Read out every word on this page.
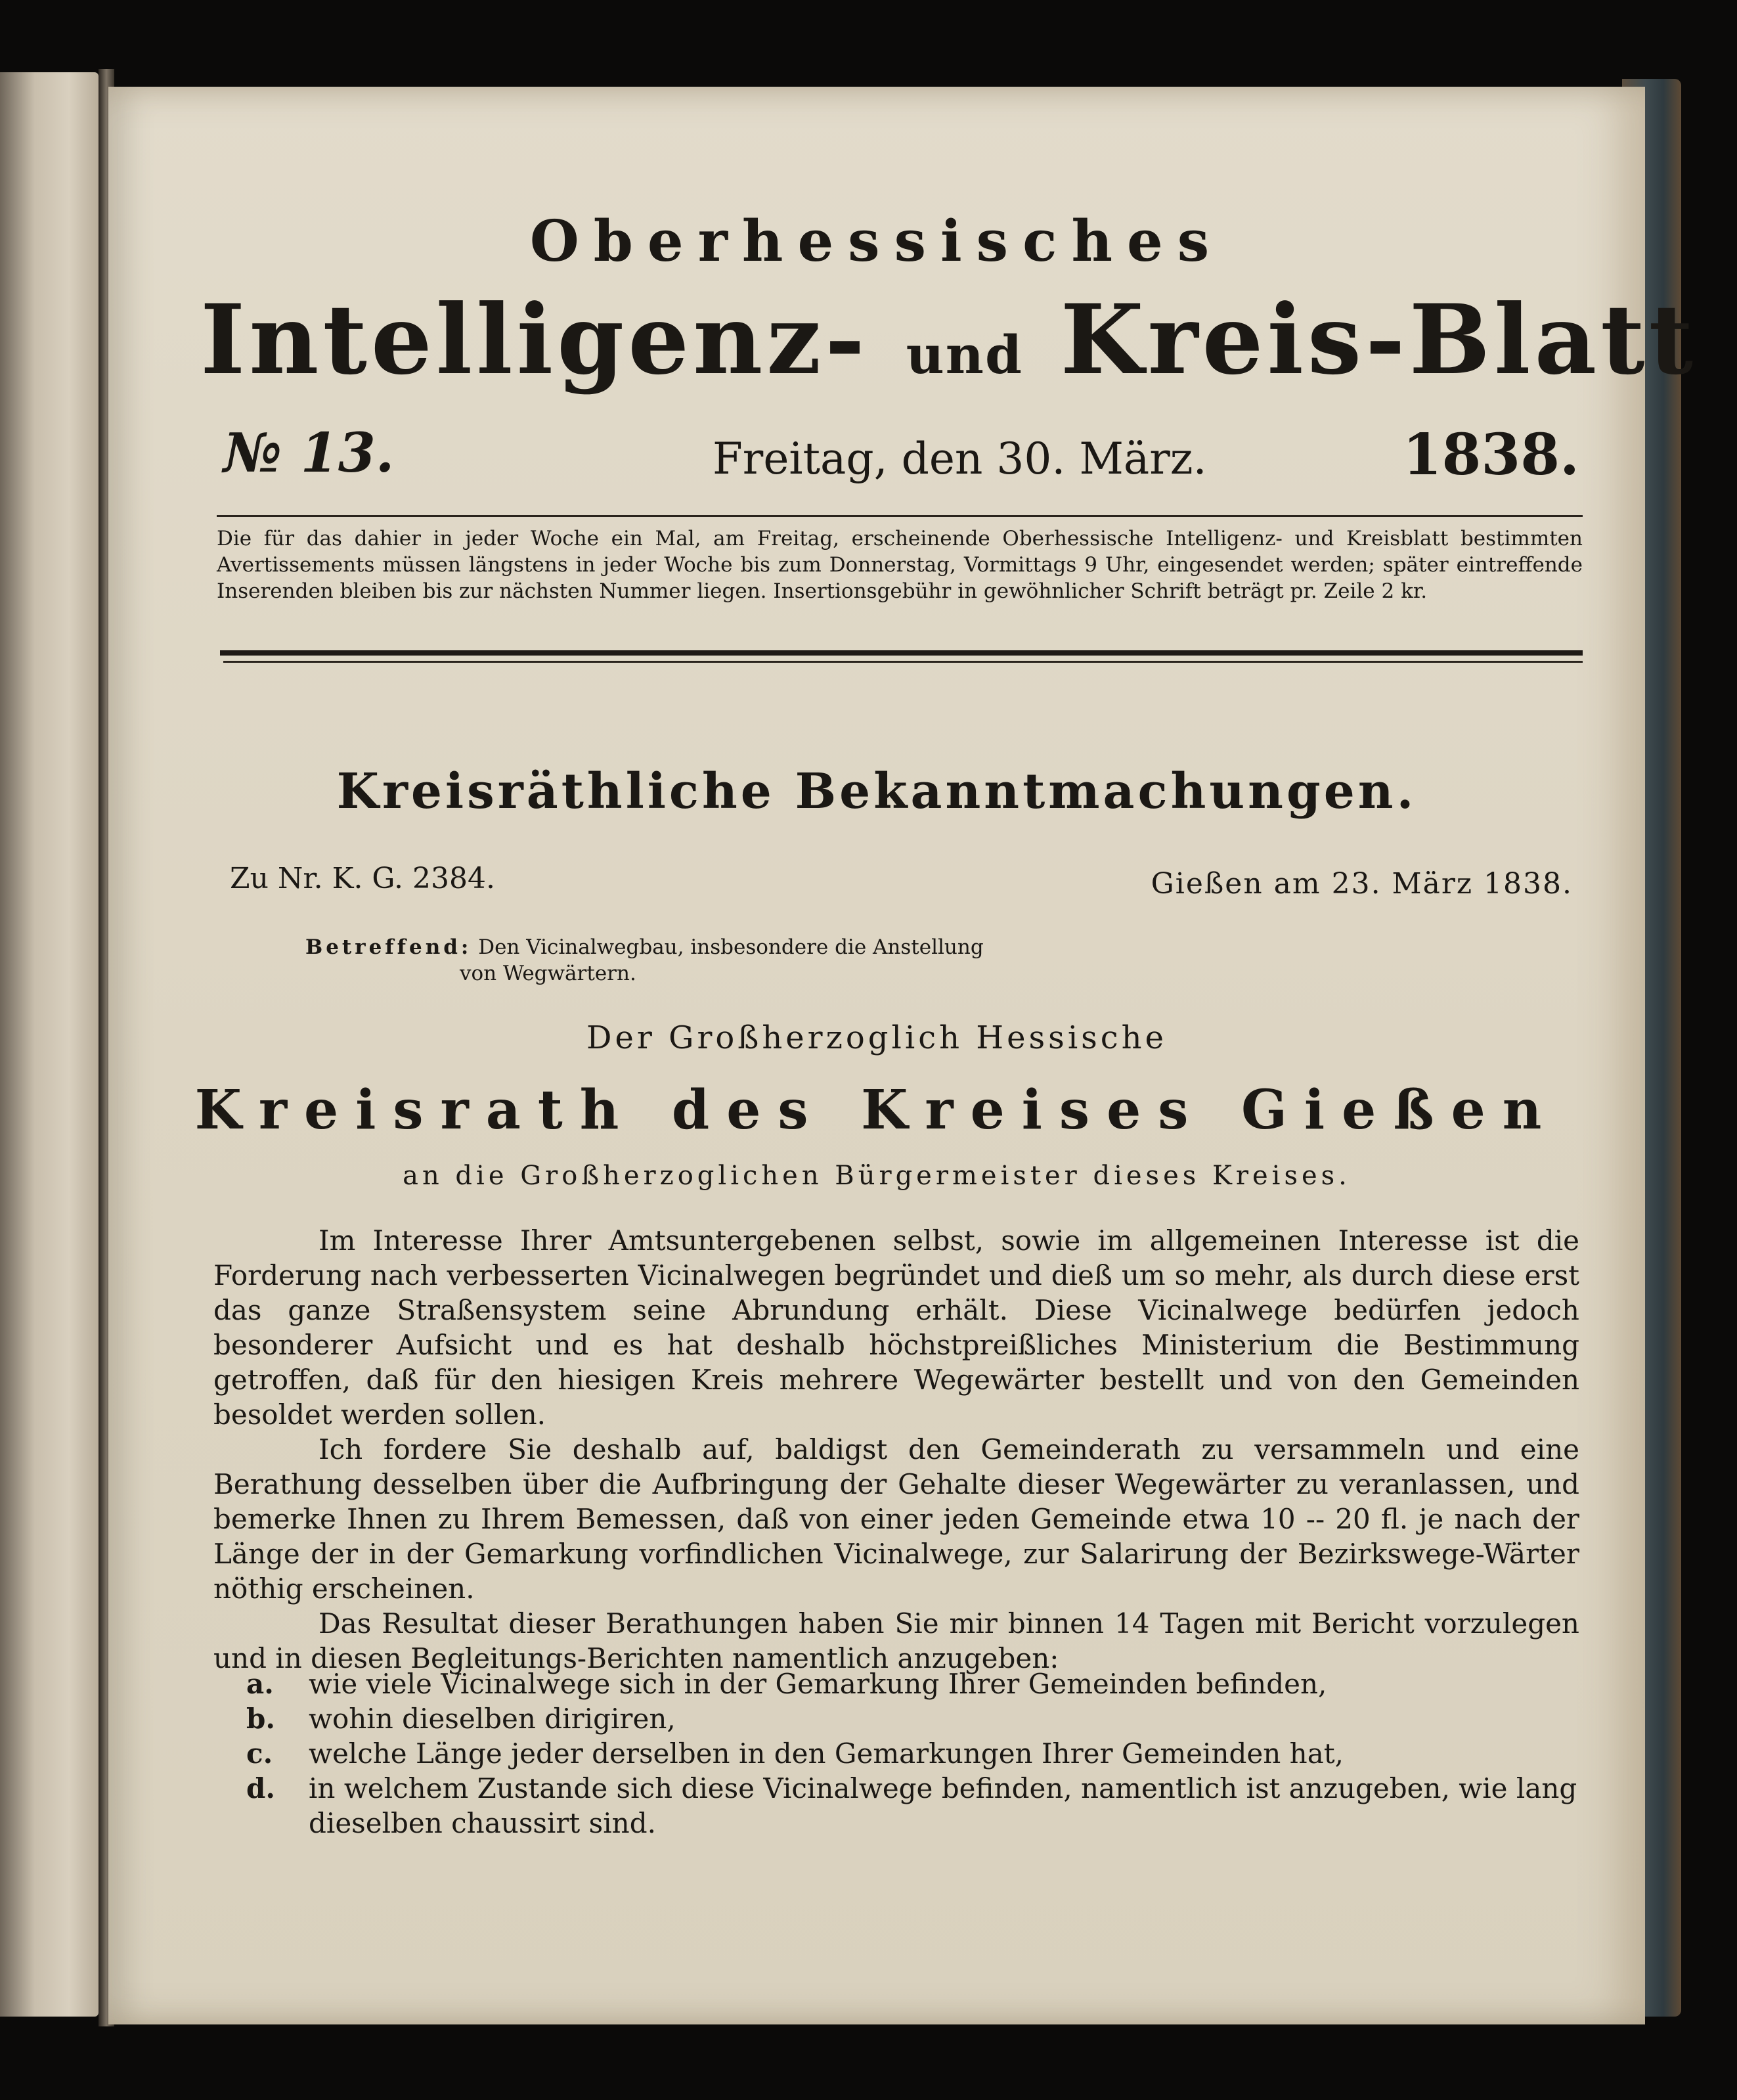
Oberhessisches
Intelligenz- und Kreis-Blatt
№ 13.	Freitag, den 30. März.	1838.
Die für das dahier in jeder Woche ein Mal, am Freitag, erscheinende Oberhessische Intelligenz- und Kreisblatt bestimmten Avertissements müssen längstens in jeder Woche bis zum Donnerstag, Vormittags 9 Uhr, eingesendet werden; später eintreffende Inserenden bleiben bis zur nächsten Nummer liegen. Insertionsgebühr in gewöhnlicher Schrift beträgt pr. Zeile 2 kr.
Kreisräthliche Bekanntmachungen.
Zu Nr. K. G. 2384.	Gießen am 23. März 1838.
Betreffend: Den Vicinalwegbau, insbesondere die Anstellung
von Wegwärtern.
Der Großherzoglich Hessische
Kreisrath des Kreises Gießen
an die Großherzoglichen Bürgermeister dieses Kreises.

Im Interesse Ihrer Amtsuntergebenen selbst, sowie im allgemeinen Interesse ist die Forderung nach verbesserten Vicinalwegen begründet und dieß um so mehr, als durch diese erst das ganze Straßensystem seine Abrundung erhält. Diese Vicinalwege bedürfen jedoch besonderer Aufsicht und es hat deshalb höchstpreißliches Ministerium die Bestimmung getroffen, daß für den hiesigen Kreis mehrere Wegewärter bestellt und von den Gemeinden besoldet werden sollen.

Ich fordere Sie deshalb auf, baldigst den Gemeinderath zu versammeln und eine Berathung desselben über die Aufbringung der Gehalte dieser Wegewärter zu veranlassen, und bemerke Ihnen zu Ihrem Bemessen, daß von einer jeden Gemeinde etwa 10 -- 20 fl. je nach der Länge der in der Gemarkung vorfindlichen Vicinalwege, zur Salarirung der Bezirkswege-Wärter nöthig erscheinen.

Das Resultat dieser Berathungen haben Sie mir binnen 14 Tagen mit Bericht vorzulegen und in diesen Begleitungs-Berichten namentlich anzugeben:

a.	wie viele Vicinalwege sich in der Gemarkung Ihrer Gemeinden befinden,
b.	wohin dieselben dirigiren,
c.	welche Länge jeder derselben in den Gemarkungen Ihrer Gemeinden hat,
d.	in welchem Zustande sich diese Vicinalwege befinden, namentlich ist anzugeben, wie lang dieselben chaussirt sind.
